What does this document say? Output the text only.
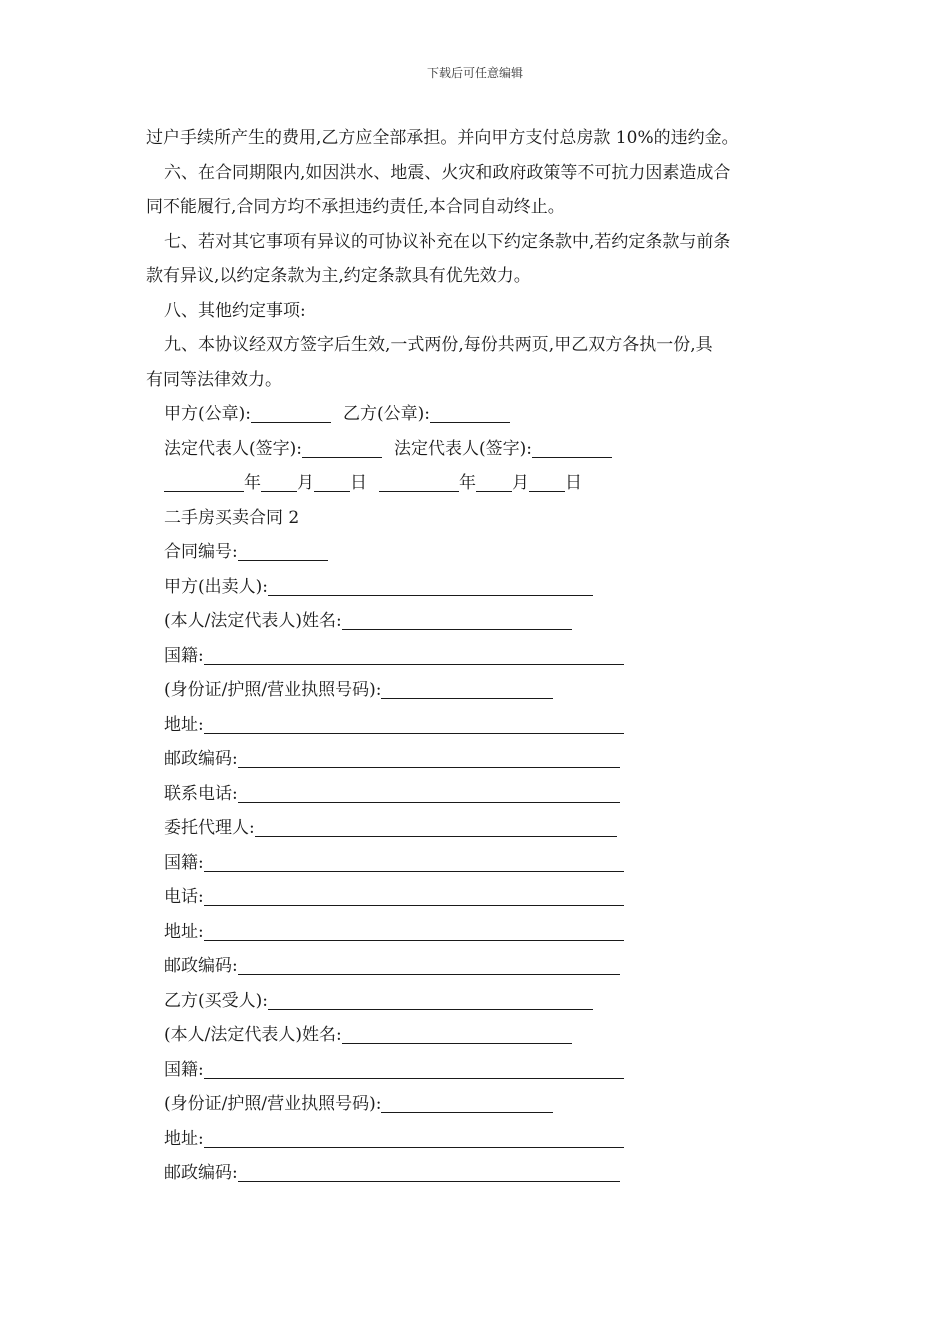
下载后可任意编辑

过户手续所产生的费用,乙方应全部承担。并向甲方支付总房款 10%的违约金。

六、在合同期限内,如因洪水、地震、火灾和政府政策等不可抗力因素造成合

同不能履行,合同方均不承担违约责任,本合同自动终止。

七、若对其它事项有异议的可协议补充在以下约定条款中,若约定条款与前条

款有异议,以约定条款为主,约定条款具有优先效力。

八、其他约定事项:

九、本协议经双方签字后生效,一式两份,每份共两页,甲乙双方各执一份,具

有同等法律效力。

甲方(公章):	乙方(公章):

法定代表人(签字):	法定代表人(签字):

年 月 日	年 月 日

二手房买卖合同 2

合同编号:

甲方(出卖人):

(本人/法定代表人)姓名:

国籍:

(身份证/护照/营业执照号码):

地址:

邮政编码:

联系电话:

委托代理人:

国籍:

电话:

地址:

邮政编码:

乙方(买受人):

(本人/法定代表人)姓名:

国籍:

(身份证/护照/营业执照号码):

地址:

邮政编码:
